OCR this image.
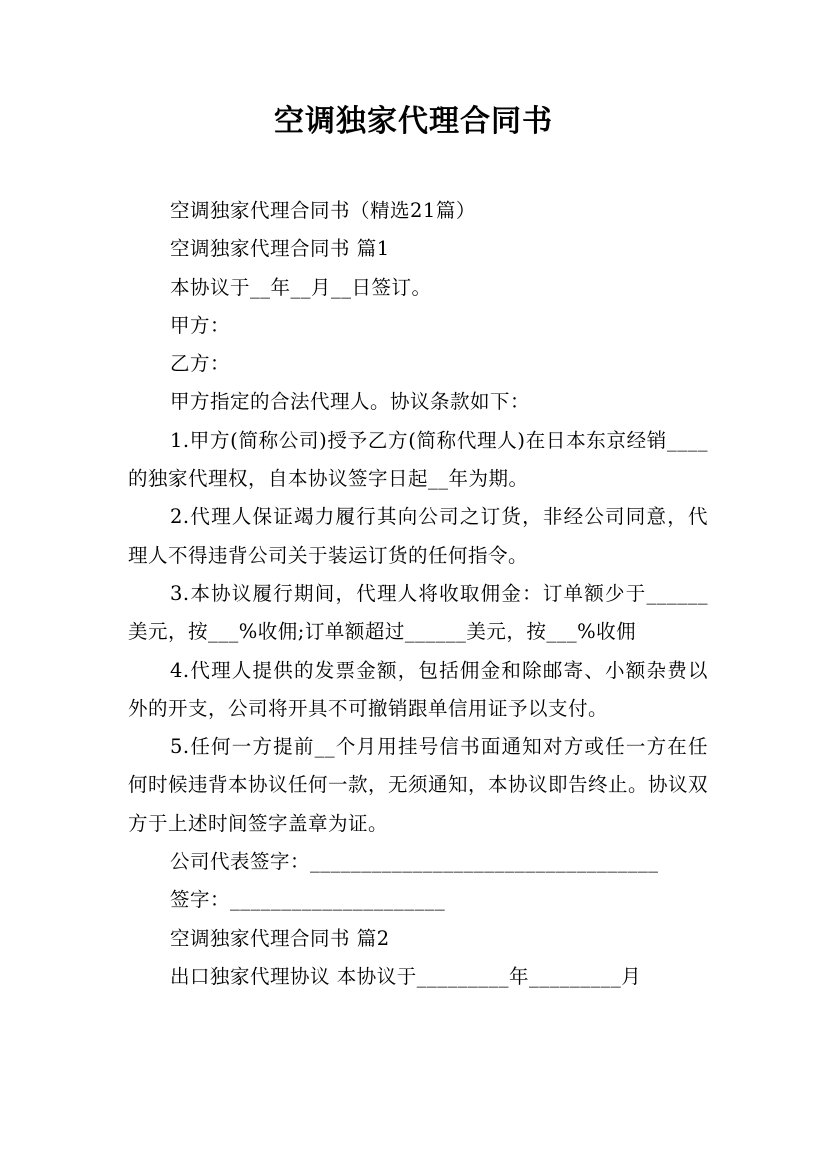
空调独家代理合同书

空调独家代理合同书（精选21篇）

空调独家代理合同书 篇1

本协议于__年__月__日签订。

甲方：

乙方：

甲方指定的合法代理人。协议条款如下：

1.甲方(简称公司)授予乙方(简称代理人)在日本东京经销____的独家代理权，自本协议签字日起__年为期。

2.代理人保证竭力履行其向公司之订货，非经公司同意，代理人不得违背公司关于装运订货的任何指令。

3.本协议履行期间，代理人将收取佣金：订单额少于______美元，按___%收佣;订单额超过______美元，按___%收佣

4.代理人提供的发票金额，包括佣金和除邮寄、小额杂费以外的开支，公司将开具不可撤销跟单信用证予以支付。

5.任何一方提前__个月用挂号信书面通知对方或任一方在任何时候违背本协议任何一款，无须通知，本协议即告终止。协议双方于上述时间签字盖章为证。

公司代表签字：__________________________________

签字：_____________________

空调独家代理合同书 篇2

出口独家代理协议 本协议于_________年_________月
